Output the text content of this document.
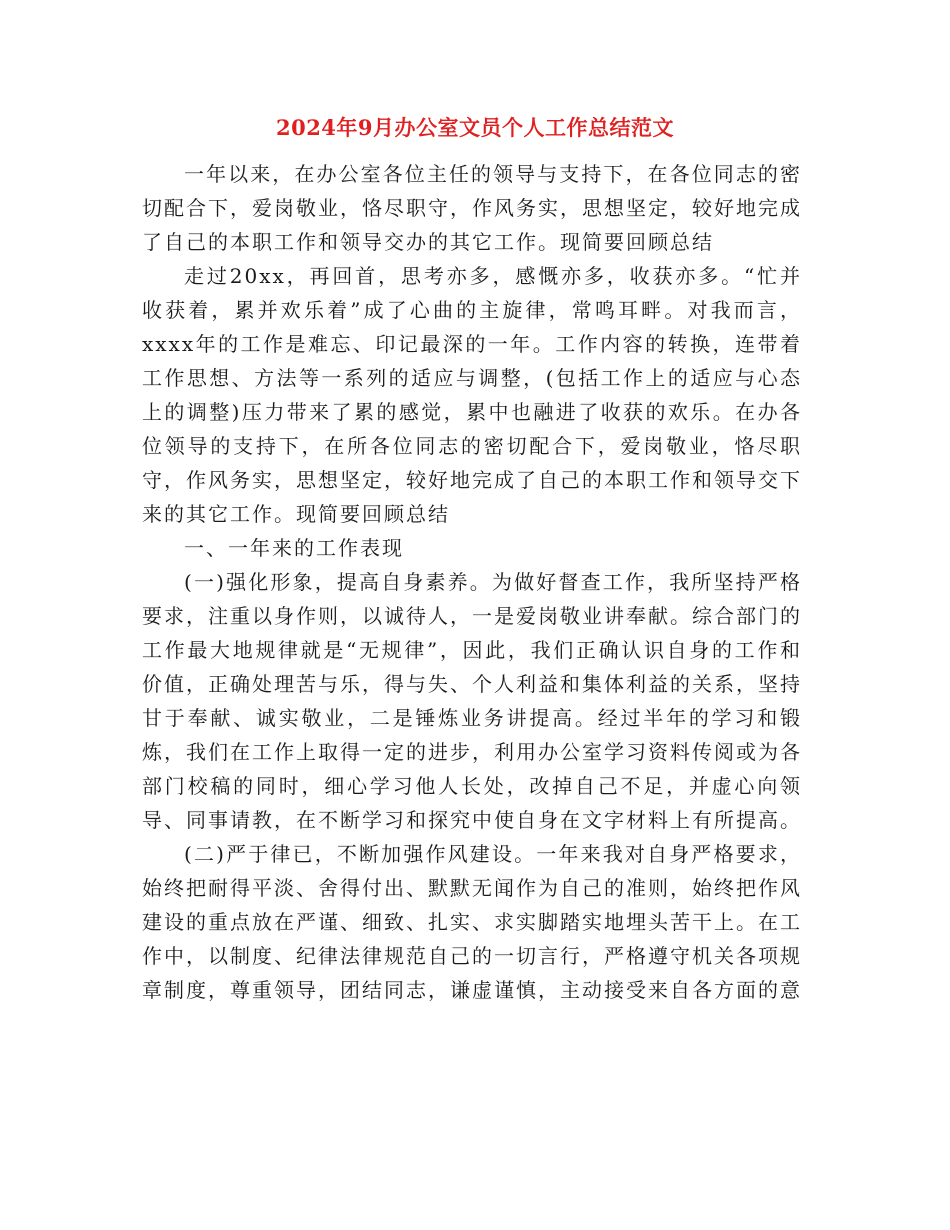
2024年9月办公室文员个人工作总结范文

一年以来，在办公室各位主任的领导与支持下，在各位同志的密切配合下，爱岗敬业，恪尽职守，作风务实，思想坚定，较好地完成了自己的本职工作和领导交办的其它工作。现简要回顾总结

走过20xx，再回首，思考亦多，感慨亦多，收获亦多。“忙并收获着，累并欢乐着”成了心曲的主旋律，常鸣耳畔。对我而言，xxxx年的工作是难忘、印记最深的一年。工作内容的转换，连带着工作思想、方法等一系列的适应与调整，(包括工作上的适应与心态上的调整)压力带来了累的感觉，累中也融进了收获的欢乐。在办各位领导的支持下，在所各位同志的密切配合下，爱岗敬业，恪尽职守，作风务实，思想坚定，较好地完成了自己的本职工作和领导交下来的其它工作。现简要回顾总结

一、一年来的工作表现

(一)强化形象，提高自身素养。为做好督查工作，我所坚持严格要求，注重以身作则，以诚待人，一是爱岗敬业讲奉献。综合部门的工作最大地规律就是“无规律”，因此，我们正确认识自身的工作和价值，正确处理苦与乐，得与失、个人利益和集体利益的关系，坚持甘于奉献、诚实敬业，二是锤炼业务讲提高。经过半年的学习和锻炼，我们在工作上取得一定的进步，利用办公室学习资料传阅或为各部门校稿的同时，细心学习他人长处，改掉自己不足，并虚心向领导、同事请教，在不断学习和探究中使自身在文字材料上有所提高。

(二)严于律已，不断加强作风建设。一年来我对自身严格要求，始终把耐得平淡、舍得付出、默默无闻作为自己的准则，始终把作风建设的重点放在严谨、细致、扎实、求实脚踏实地埋头苦干上。在工作中，以制度、纪律法律规范自己的一切言行，严格遵守机关各项规章制度，尊重领导，团结同志，谦虚谨慎，主动接受来自各方面的意
